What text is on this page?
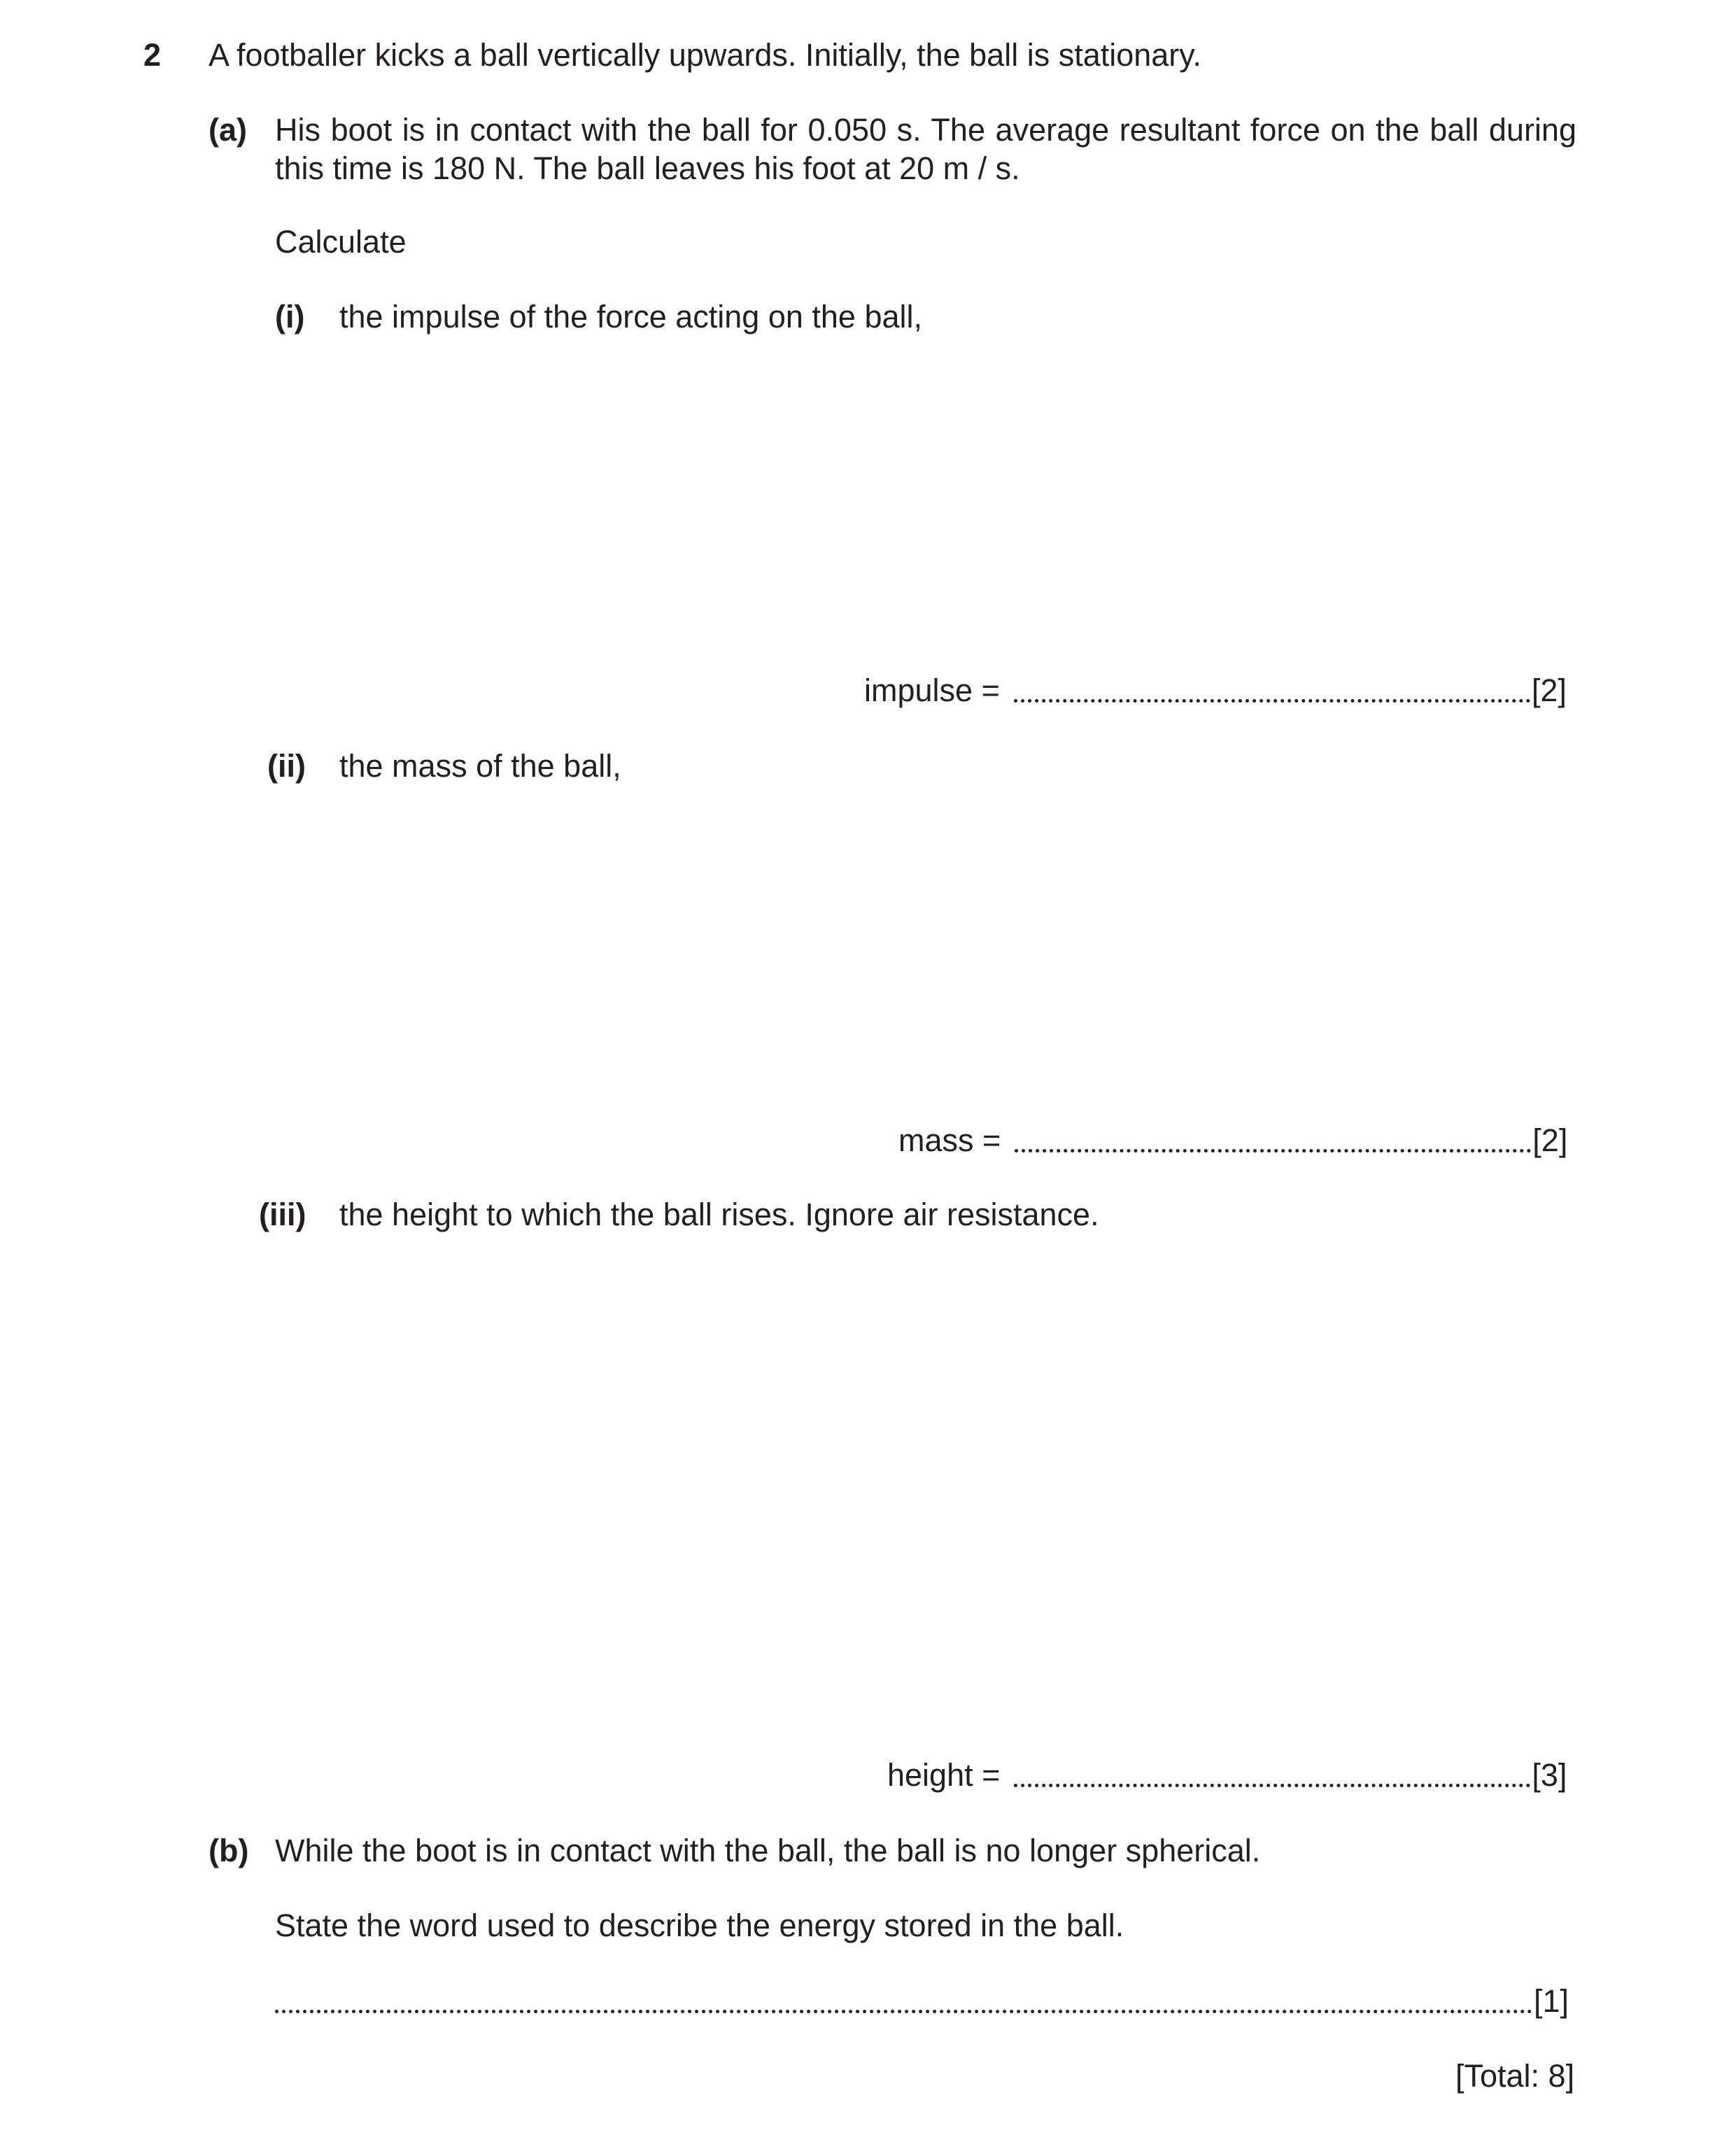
2 A footballer kicks a ball vertically upwards. Initially, the ball is stationary.
(a) His boot is in contact with the ball for 0.050 s. The average resultant force on the ball during this time is 180 N. The ball leaves his foot at 20 m / s.
Calculate
(i) the impulse of the force acting on the ball,
impulse =	[2]
(ii) the mass of the ball,
mass =	[2]
(iii) the height to which the ball rises. Ignore air resistance.
height =	[3]
(b) While the boot is in contact with the ball, the ball is no longer spherical.
State the word used to describe the energy stored in the ball.
[1]
[Total: 8]
